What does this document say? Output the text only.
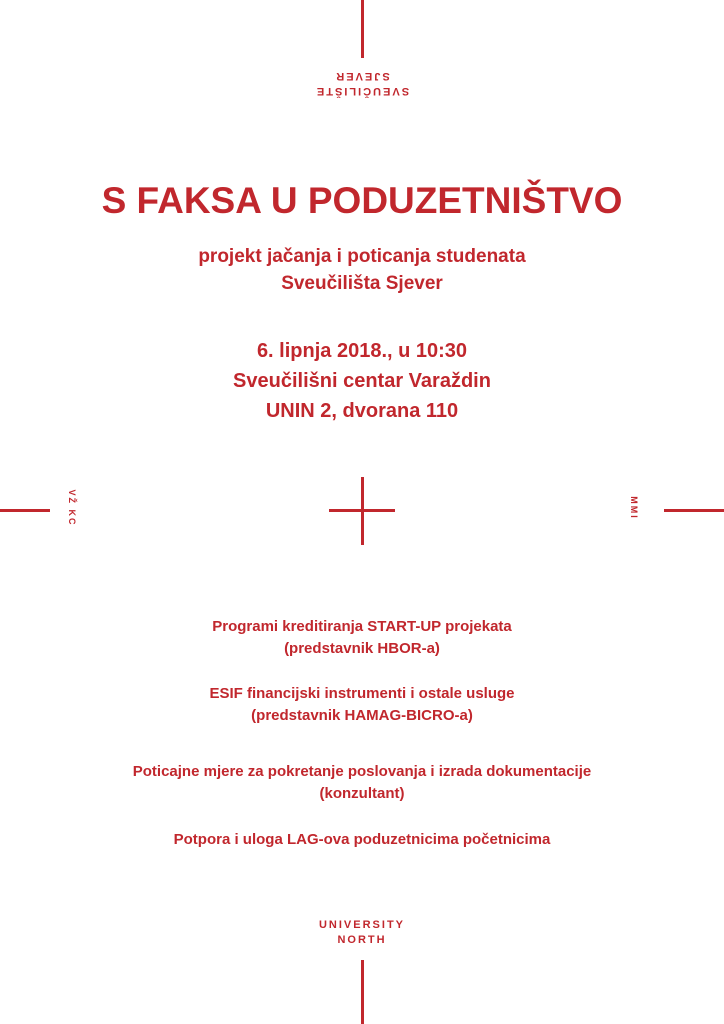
SVEUČILIŠTE
SJEVER
VŽ KC	MMI
S FAKSA U PODUZETNIŠTVO
projekt jačanja i poticanja studenata
Sveučilišta Sjever
6. lipnja 2018., u 10:30
Sveučilišni centar Varaždin
UNIN 2, dvorana 110
Programi kreditiranja START-UP projekata
(predstavnik HBOR-a)
ESIF financijski instrumenti i ostale usluge
(predstavnik HAMAG-BICRO-a)
Poticajne mjere za pokretanje poslovanja i izrada dokumentacije
(konzultant)
Potpora i uloga LAG-ova poduzetnicima početnicima
UNIVERSITY
NORTH
